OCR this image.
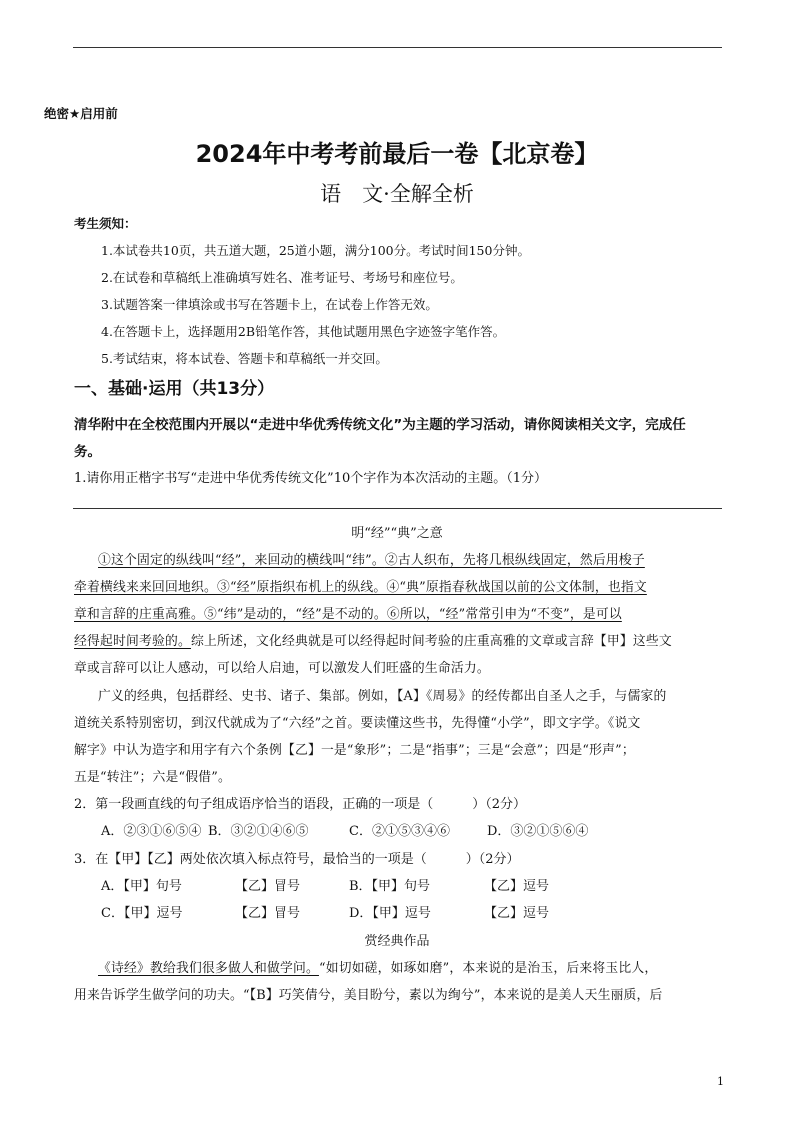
绝密★启用前
2024年中考考前最后一卷【北京卷】
语　文·全解全析
考生须知：
1.本试卷共10页，共五道大题，25道小题，满分100分。考试时间150分钟。
2.在试卷和草稿纸上准确填写姓名、准考证号、考场号和座位号。
3.试题答案一律填涂或书写在答题卡上，在试卷上作答无效。
4.在答题卡上，选择题用2B铅笔作答，其他试题用黑色字迹签字笔作答。
5.考试结束，将本试卷、答题卡和草稿纸一并交回。
一、基础·运用（共13分）
清华附中在全校范围内开展以“走进中华优秀传统文化”为主题的学习活动，请你阅读相关文字，完成任
务。
1.请你用正楷字书写“走进中华优秀传统文化”10个字作为本次活动的主题。（1分）
明“经”“典”之意
①这个固定的纵线叫“经”，来回动的横线叫“纬”。②古人织布，先将几根纵线固定，然后用梭子
牵着横线来来回回地织。③“经”原指织布机上的纵线。④“典”原指春秋战国以前的公文体制，也指文
章和言辞的庄重高雅。⑤“纬”是动的，“经”是不动的。⑥所以，“经”常常引申为“不变”，是可以
经得起时间考验的。综上所述，文化经典就是可以经得起时间考验的庄重高雅的文章或言辞【甲】这些文
章或言辞可以让人感动，可以给人启迪，可以激发人们旺盛的生命活力。
广义的经典，包括群经、史书、诸子、集部。例如，【A】《周易》的经传都出自圣人之手，与儒家的
道统关系特别密切，到汉代就成为了“六经”之首。要读懂这些书，先得懂“小学”，即文字学。《说文
解字》中认为造字和用字有六个条例【乙】一是“象形”；二是“指事”；三是“会意”；四是“形声”；
五是“转注”；六是“假借”。
2．第一段画直线的句子组成语序恰当的语段，正确的一项是（　　　）（2分）
A．②③①⑥⑤④ B．③②①④⑥⑤	C．②①⑤③④⑥	D．③②①⑤⑥④
3．在【甲】【乙】两处依次填入标点符号，最恰当的一项是（　　　）（2分）
A．【甲】句号	【乙】冒号	B．【甲】句号	【乙】逗号
C．【甲】逗号	【乙】冒号	D．【甲】逗号	【乙】逗号
赏经典作品
《诗经》教给我们很多做人和做学问。“如切如磋，如琢如磨”，本来说的是治玉，后来将玉比人，
用来告诉学生做学问的功夫。“【B】巧笑倩兮，美目盼兮，素以为绚兮”，本来说的是美人天生丽质，后
1
